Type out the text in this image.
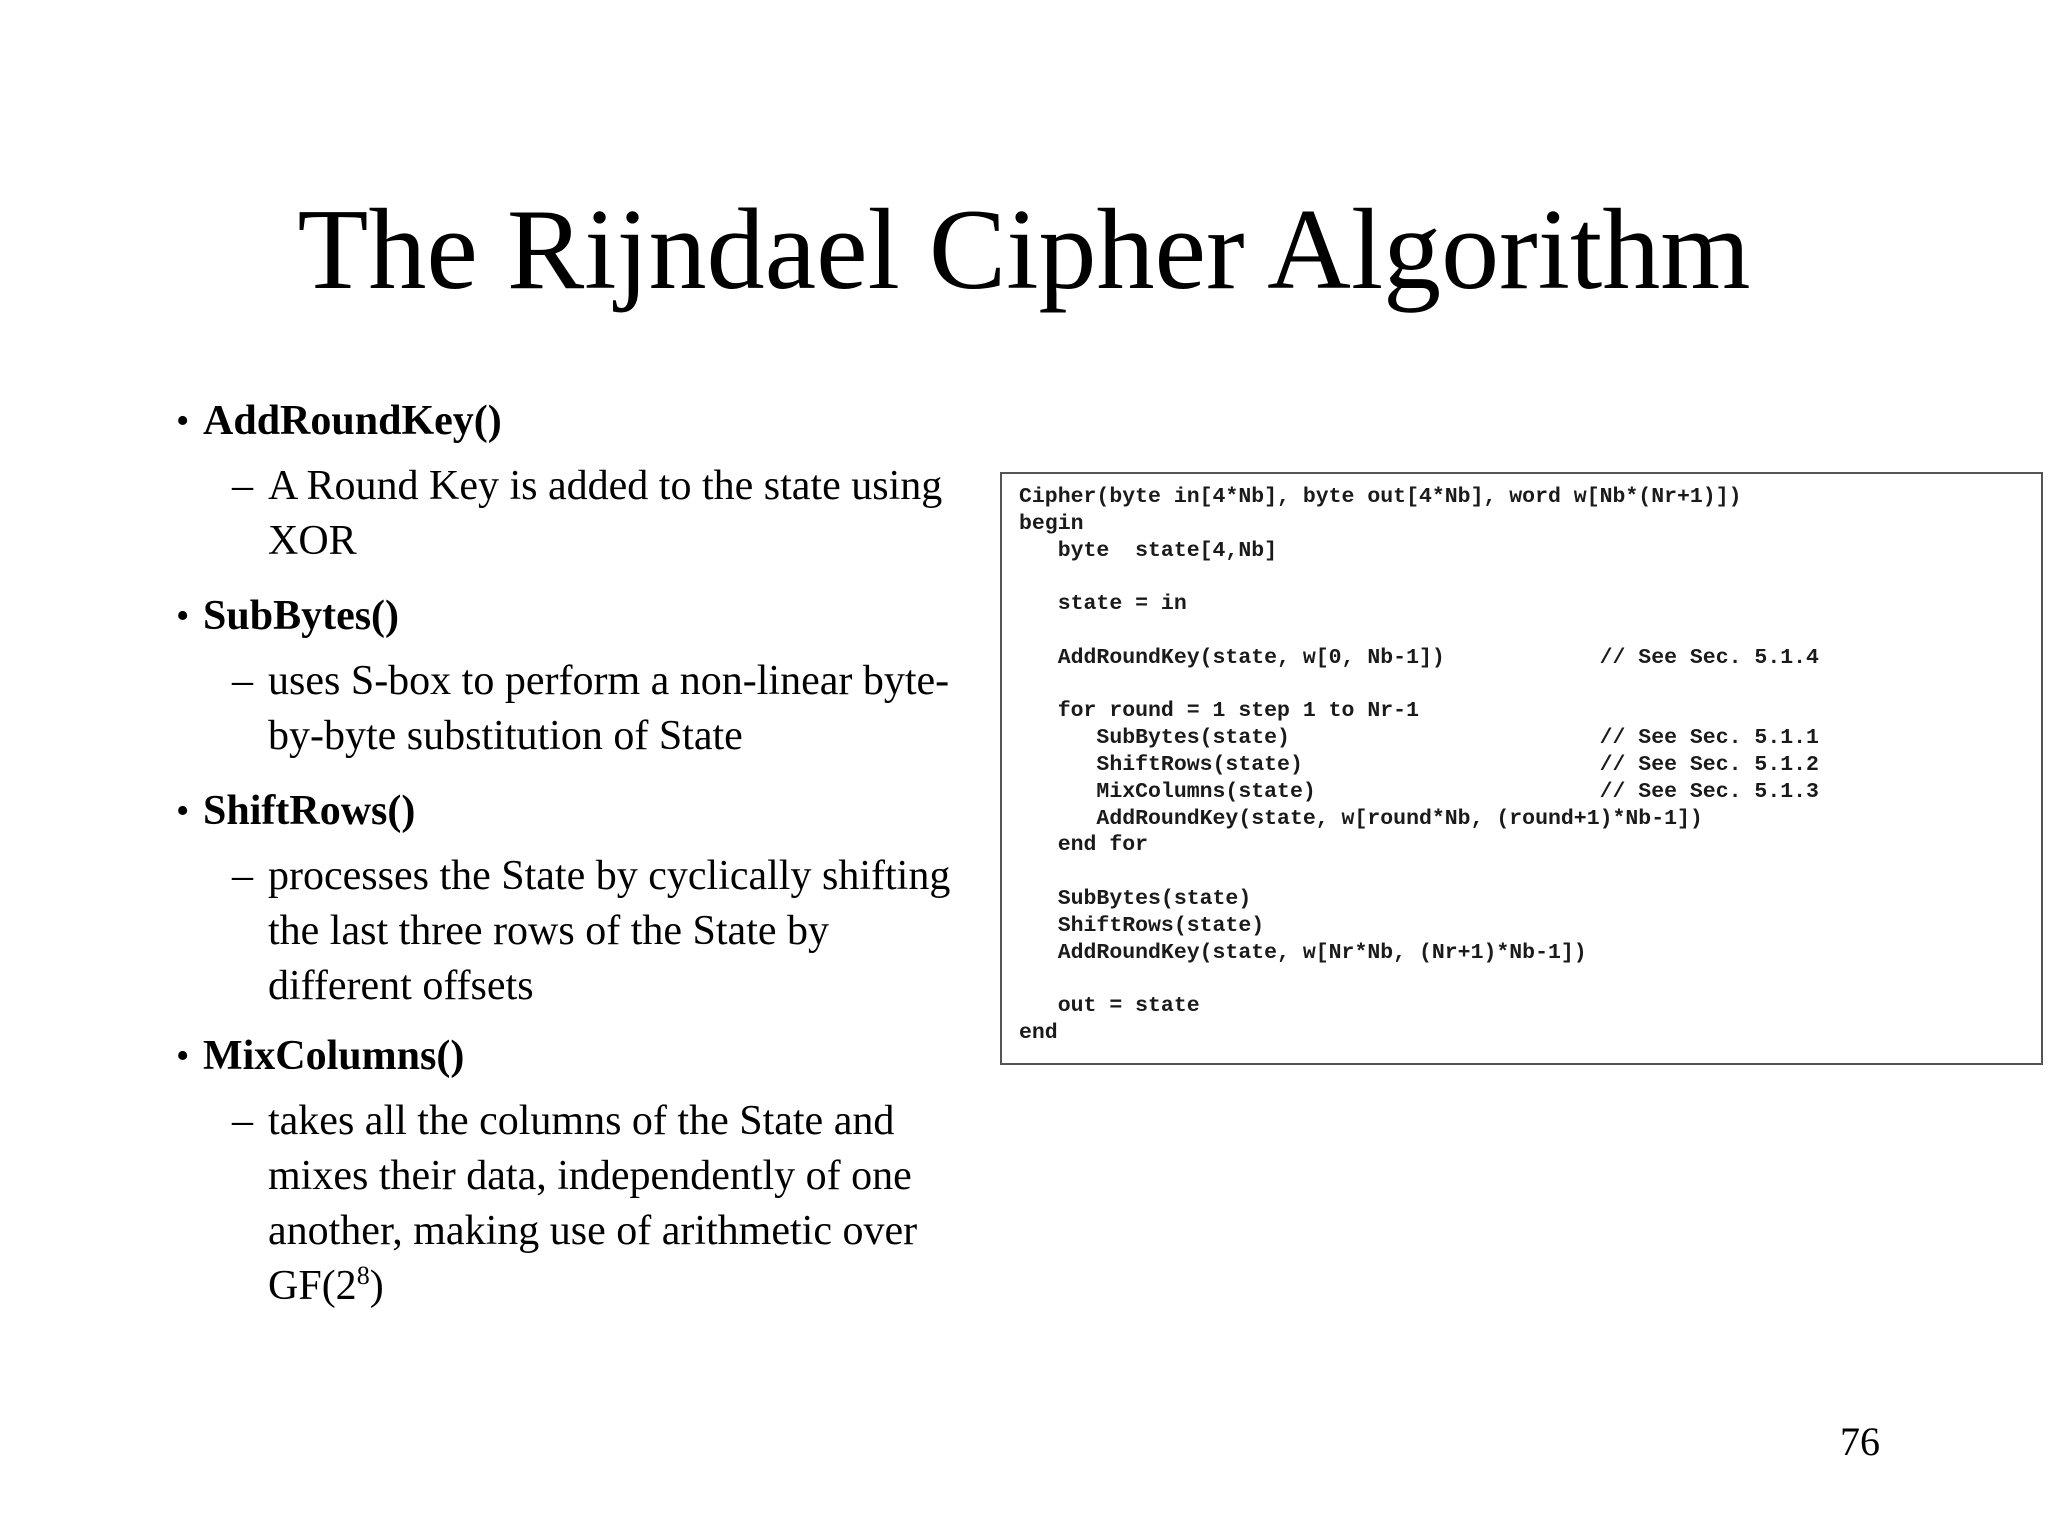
The Rijndael Cipher Algorithm
• AddRoundKey()
– A Round Key is added to the state using XOR
• SubBytes()
– uses S-box to perform a non-linear byte-by-byte substitution of State
• ShiftRows()
– processes the State by cyclically shifting the last three rows of the State by different offsets
• MixColumns()
– takes all the columns of the State and mixes their data, independently of one another, making use of arithmetic over $GF(2^8)$
Cipher(byte in[4*Nb], byte out[4*Nb], word w[Nb*(Nr+1)])
begin
byte  state[4,Nb]
state = in
AddRoundKey(state, w[0, Nb-1])            // See Sec. 5.1.4
for round = 1 step 1 to Nr-1
SubBytes(state)                        // See Sec. 5.1.1
ShiftRows(state)                       // See Sec. 5.1.2
MixColumns(state)                      // See Sec. 5.1.3
AddRoundKey(state, w[round*Nb, (round+1)*Nb-1])
end for
SubBytes(state)
ShiftRows(state)
AddRoundKey(state, w[Nr*Nb, (Nr+1)*Nb-1])
out = state
end
76
